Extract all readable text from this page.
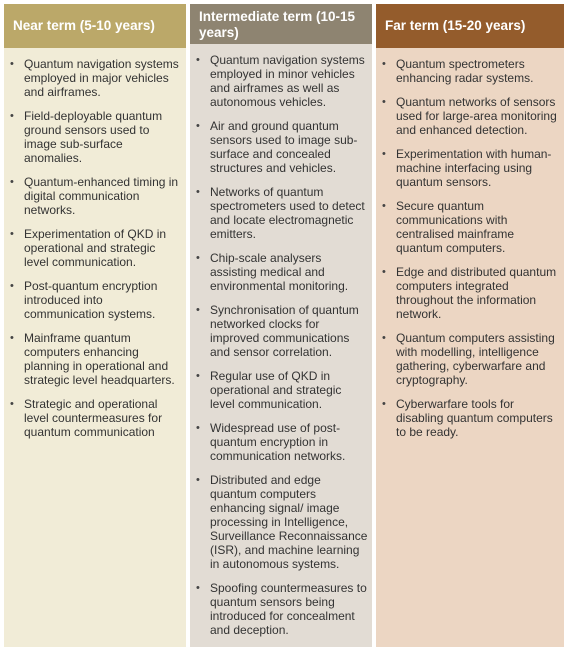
Near term (5-10 years)
• Quantum navigation systems employed in major vehicles and airframes.
• Field-deployable quantum ground sensors used to image sub-surface anomalies.
• Quantum-enhanced timing in digital communication networks.
• Experimentation of QKD in operational and strategic level communication.
• Post-quantum encryption introduced into communication systems.
• Mainframe quantum computers enhancing planning in operational and strategic level headquarters.
• Strategic and operational level countermeasures for quantum communication
Intermediate term (10-15 years)
• Quantum navigation systems employed in minor vehicles and airframes as well as autonomous vehicles.
• Air and ground quantum sensors used to image sub-surface and concealed structures and vehicles.
• Networks of quantum spectrometers used to detect and locate electromagnetic emitters.
• Chip-scale analysers assisting medical and environmental monitoring.
• Synchronisation of quantum networked clocks for improved communications and sensor correlation.
• Regular use of QKD in operational and strategic level communication.
• Widespread use of post-quantum encryption in communication networks.
• Distributed and edge quantum computers enhancing signal/ image processing in Intelligence, Surveillance Reconnaissance (ISR), and machine learning in autonomous systems.
• Spoofing countermeasures to quantum sensors being introduced for concealment and deception.
Far term (15-20 years)
• Quantum spectrometers enhancing radar systems.
• Quantum networks of sensors used for large-area monitoring and enhanced detection.
• Experimentation with human-machine interfacing using quantum sensors.
• Secure quantum communications with centralised mainframe quantum computers.
• Edge and distributed quantum computers integrated throughout the information network.
• Quantum computers assisting with modelling, intelligence gathering, cyberwarfare and cryptography.
• Cyberwarfare tools for disabling quantum computers to be ready.
